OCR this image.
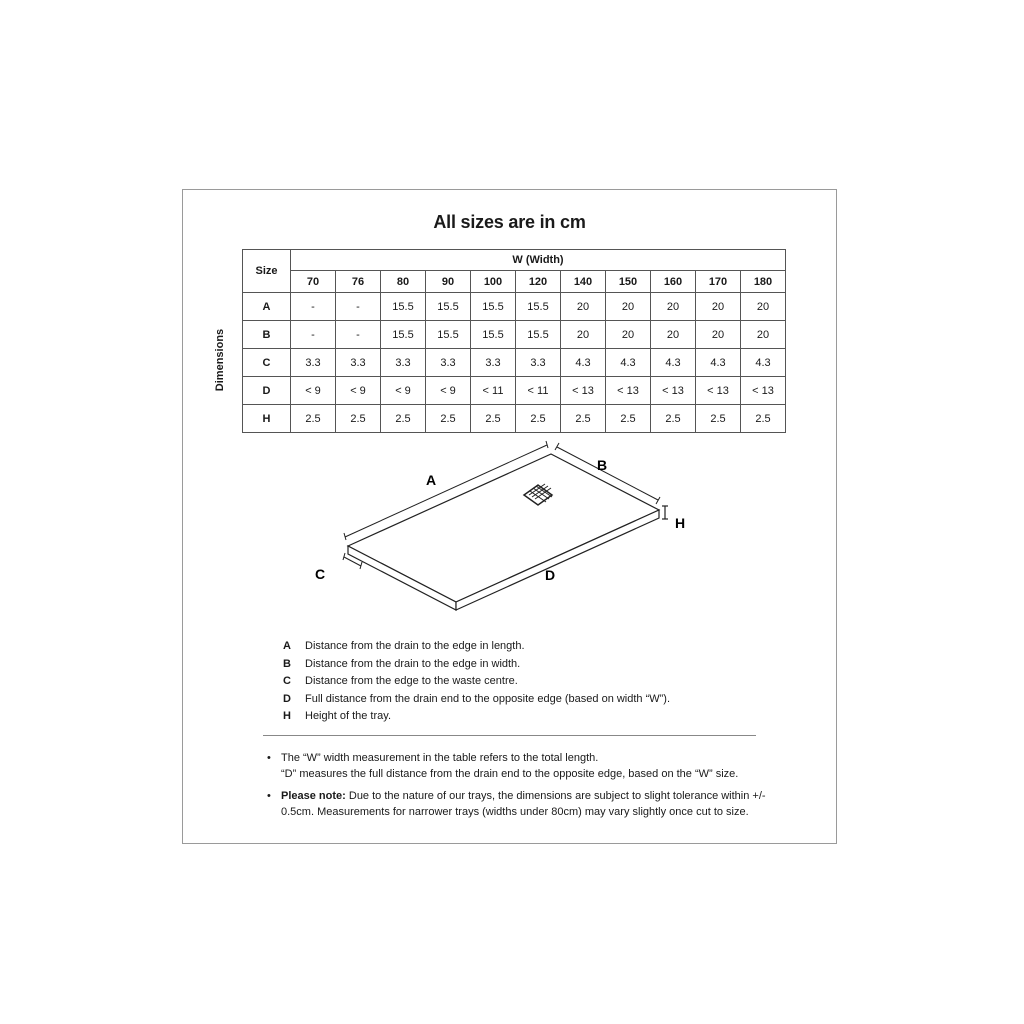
All sizes are in cm
Dimensions
Size	W (Width)										
	70	76	80	90	100	120	140	150	160	170	180
A	-	-	15.5	15.5	15.5	15.5	20	20	20	20	20
B	-	-	15.5	15.5	15.5	15.5	20	20	20	20	20
C	3.3	3.3	3.3	3.3	3.3	3.3	4.3	4.3	4.3	4.3	4.3
D	< 9	< 9	< 9	< 9	< 11	< 11	< 13	< 13	< 13	< 13	< 13
H	2.5	2.5	2.5	2.5	2.5	2.5	2.5	2.5	2.5	2.5	2.5
A
B
H
C	D
A	Distance from the drain to the edge in length.
B	Distance from the drain to the edge in width.
C	Distance from the edge to the waste centre.
D	Full distance from the drain end to the opposite edge (based on width “W”).
H	Height of the tray.
• The “W” width measurement in the table refers to the total length.
“D” measures the full distance from the drain end to the opposite edge, based on the “W” size.
• Please note: Due to the nature of our trays, the dimensions are subject to slight tolerance within +/- 0.5cm. Measurements for narrower trays (widths under 80cm) may vary slightly once cut to size.
